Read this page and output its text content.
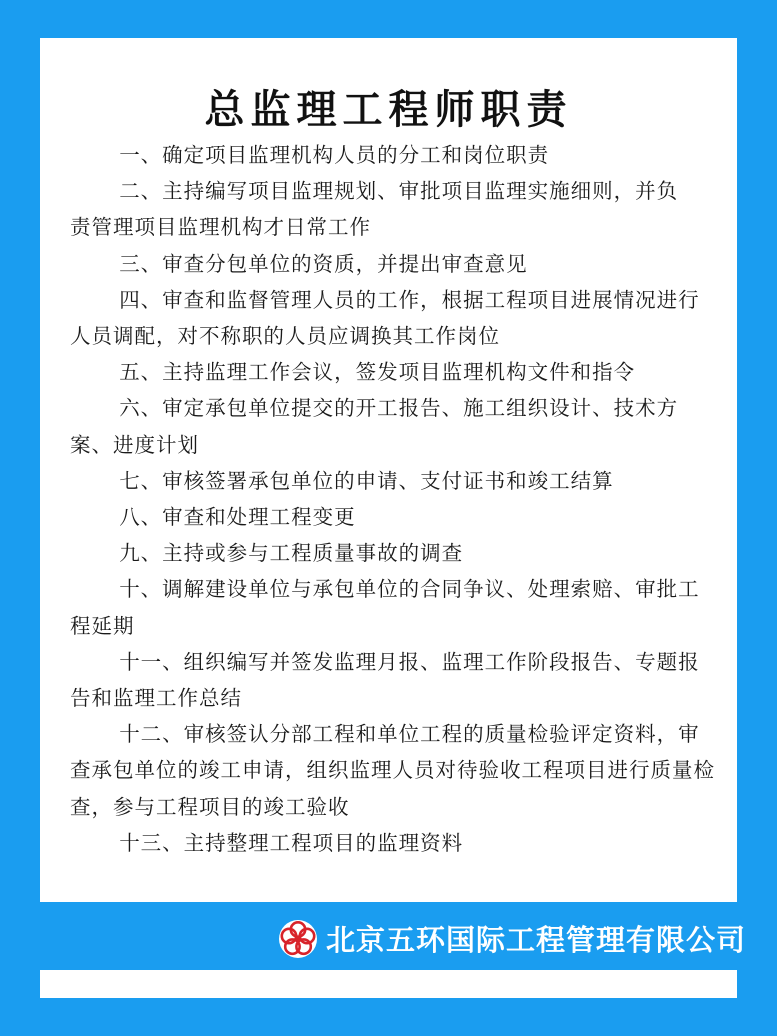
总监理工程师职责
一、确定项目监理机构人员的分工和岗位职责
二、主持编写项目监理规划、审批项目监理实施细则，并负　责管理项目监理机构才日常工作
三、审查分包单位的资质，并提出审查意见
四、审查和监督管理人员的工作，根据工程项目进展情况进行人员调配，对不称职的人员应调换其工作岗位
五、主持监理工作会议，签发项目监理机构文件和指令
六、审定承包单位提交的开工报告、施工组织设计、技术方 案、进度计划
七、审核签署承包单位的申请、支付证书和竣工结算
八、审查和处理工程变更
九、主持或参与工程质量事故的调查
十、调解建设单位与承包单位的合同争议、处理索赔、审批工程延期
十一、组织编写并签发监理月报、监理工作阶段报告、专题报告和监理工作总结
十二、审核签认分部工程和单位工程的质量检验评定资料，审查承包单位的竣工申请，组织监理人员对待验收工程项目进行质量检查，参与工程项目的竣工验收
十三、主持整理工程项目的监理资料
北京五环国际工程管理有限公司
